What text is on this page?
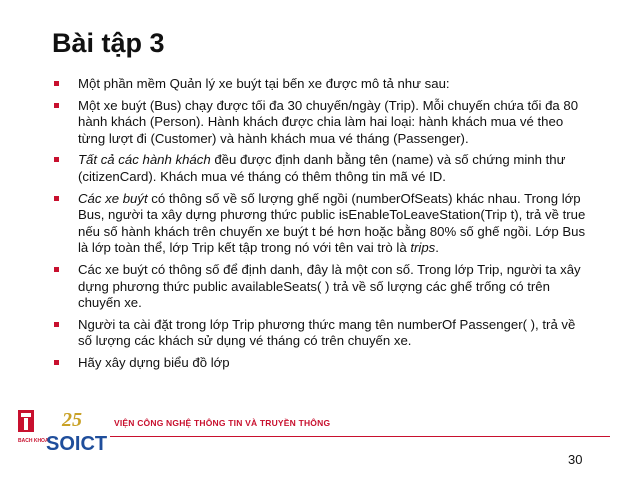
Bài tập 3
Một phần mềm Quản lý xe buýt tại bến xe được mô tả như sau:
Một xe buýt (Bus) chạy được tối đa 30 chuyến/ngày (Trip). Mỗi chuyến chứa tối đa 80 hành khách (Person). Hành khách được chia làm hai loại: hành khách mua vé theo từng lượt đi (Customer) và hành khách mua vé tháng (Passenger).
Tất cả các hành khách đều được định danh bằng tên (name) và số chứng minh thư (citizenCard). Khách mua vé tháng có thêm thông tin mã vé ID.
Các xe buýt có thông số về số lượng ghế ngồi (numberOfSeats) khác nhau. Trong lớp Bus, người ta xây dựng phương thức public isEnableToLeaveStation(Trip t), trả về true nếu số hành khách trên chuyến xe buýt t bé hơn hoặc bằng 80% số ghế ngồi. Lớp Bus là lớp toàn thể, lớp Trip kết tập trong nó với tên vai trò là trips.
Các xe buýt có thông số để định danh, đây là một con số. Trong lớp Trip, người ta xây dựng phương thức public availableSeats( ) trả về số lượng các ghế trống có trên chuyến xe.
Người ta cài đặt trong lớp Trip phương thức mang tên numberOf Passenger( ), trả về số lượng các khách sử dụng vé tháng có trên chuyến xe.
Hãy xây dựng biểu đồ lớp
BACH KHOA
25
SOICT
VIỆN CÔNG NGHỆ THÔNG TIN VÀ TRUYỀN THÔNG
30
